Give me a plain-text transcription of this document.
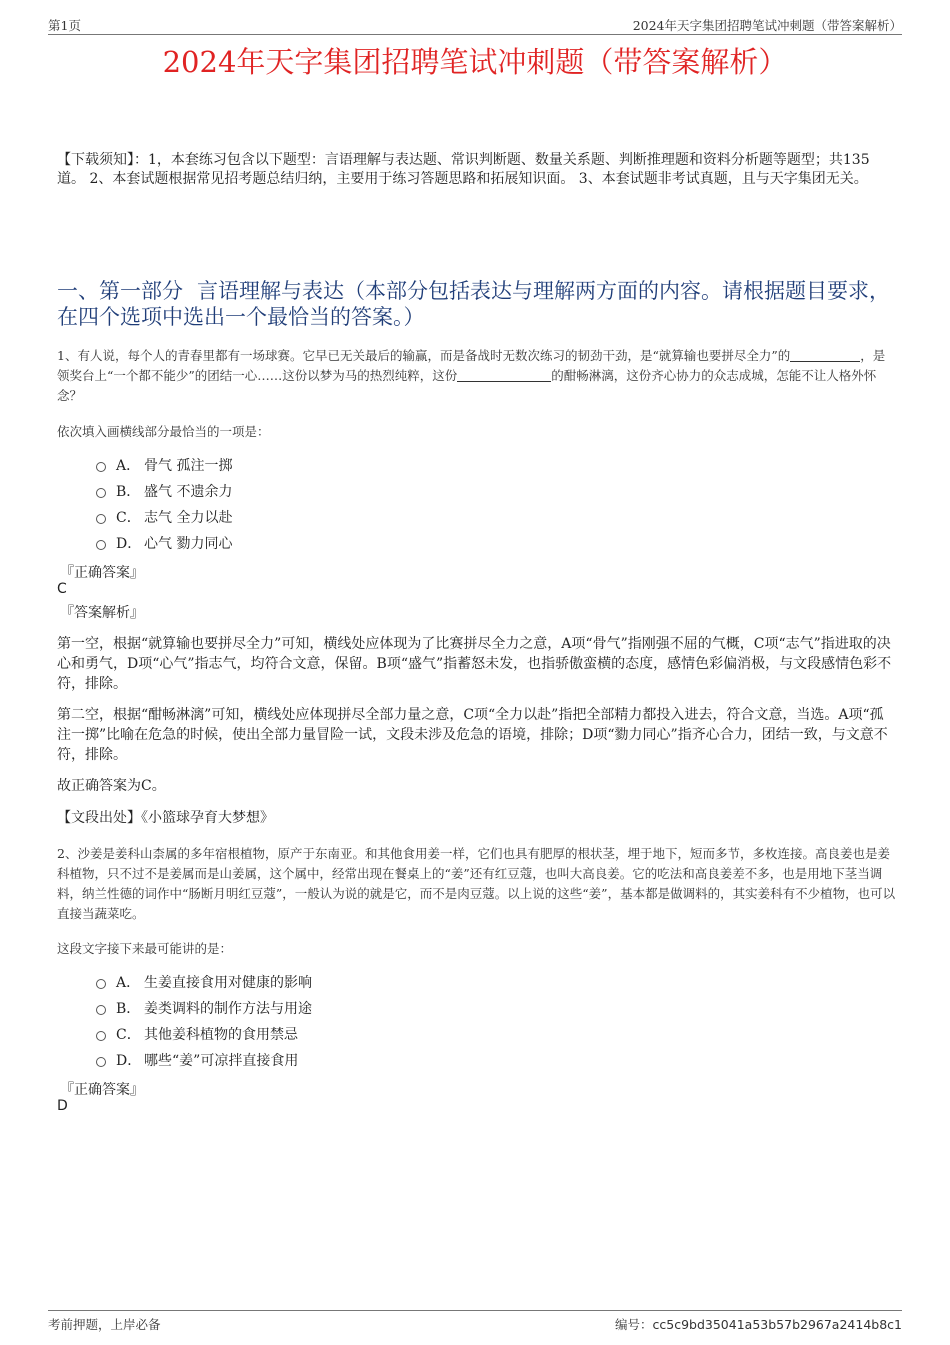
第1页	2024年天字集团招聘笔试冲刺题（带答案解析）
2024年天字集团招聘笔试冲刺题（带答案解析）
【下载须知】：1，本套练习包含以下题型：言语理解与表达题、常识判断题、数量关系题、判断推理题和资料分析题等题型；共135道。 2、本套试题根据常见招考题总结归纳，主要用于练习答题思路和拓展知识面。 3、本套试题非考试真题，且与天字集团无关。
一、第一部分 言语理解与表达（本部分包括表达与理解两方面的内容。请根据题目要求，在四个选项中选出一个最恰当的答案。）
1、有人说，每个人的青春里都有一场球赛。它早已无关最后的输赢，而是备战时无数次练习的韧劲干劲，是“就算输也要拼尽全力”的	，是领奖台上“一个都不能少”的团结一心……这份以梦为马的热烈纯粹，这份	的酣畅淋漓，这份齐心协力的众志成城，怎能不让人格外怀念？
依次填入画横线部分最恰当的一项是：
A． 骨气 孤注一掷
B． 盛气 不遗余力
C． 志气 全力以赴
D． 心气 勠力同心
『正确答案』
C
『答案解析』
第一空，根据“就算输也要拼尽全力”可知，横线处应体现为了比赛拼尽全力之意，A项“骨气”指刚强不屈的气概，C项“志气”指进取的决心和勇气，D项“心气”指志气，均符合文意，保留。B项“盛气”指蓄怒未发，也指骄傲蛮横的态度，感情色彩偏消极，与文段感情色彩不符，排除。
第二空，根据“酣畅淋漓”可知，横线处应体现拼尽全部力量之意，C项“全力以赴”指把全部精力都投入进去，符合文意，当选。A项“孤注一掷”比喻在危急的时候，使出全部力量冒险一试，文段未涉及危急的语境，排除；D项“勠力同心”指齐心合力，团结一致，与文意不符，排除。
故正确答案为C。
【文段出处】《小篮球孕育大梦想》
2、沙姜是姜科山柰属的多年宿根植物，原产于东南亚。和其他食用姜一样，它们也具有肥厚的根状茎，埋于地下，短而多节，多枚连接。高良姜也是姜科植物，只不过不是姜属而是山姜属，这个属中，经常出现在餐桌上的“姜”还有红豆蔻，也叫大高良姜。它的吃法和高良姜差不多，也是用地下茎当调料，纳兰性德的词作中“肠断月明红豆蔻”，一般认为说的就是它，而不是肉豆蔻。以上说的这些“姜”，基本都是做调料的，其实姜科有不少植物，也可以直接当蔬菜吃。
这段文字接下来最可能讲的是：
A． 生姜直接食用对健康的影响
B． 姜类调料的制作方法与用途
C． 其他姜科植物的食用禁忌
D． 哪些“姜”可凉拌直接食用
『正确答案』
D
考前押题，上岸必备	编号：cc5c9bd35041a53b57b2967a2414b8c1
